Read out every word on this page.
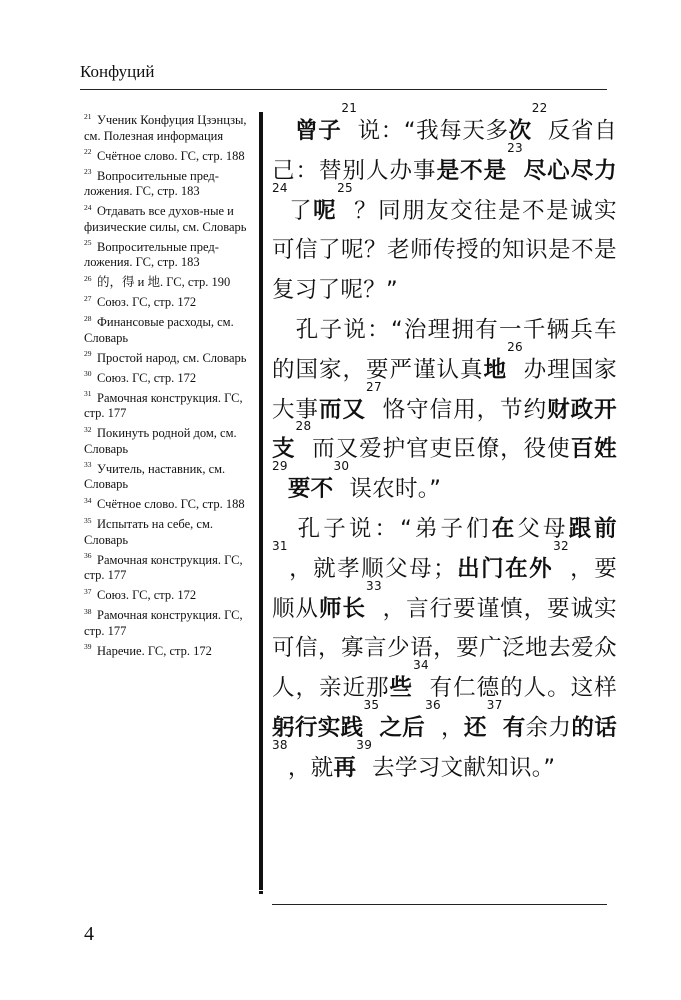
Конфуций
21 Ученик Конфуция Цзэнцзы, см. Полезная информация
22 Счётное слово. ГС, стр. 188
23 Вопросительные пред-ложения. ГС, стр. 183
24 Отдавать все духов-ные и физические силы, см. Словарь
25 Вопросительные пред-ложения. ГС, стр. 183
26 的，得 и 地. ГС, стр. 190
27 Союз. ГС, стр. 172
28 Финансовые расходы, см. Словарь
29 Простой народ, см. Словарь
30 Союз. ГС, стр. 172
31 Рамочная конструкция. ГС, стр. 177
32 Покинуть родной дом, см. Словарь
33 Учитель, наставник, см. Словарь
34 Счётное слово. ГС, стр. 188
35 Испытать на себе, см. Словарь
36 Рамочная конструкция. ГС, стр. 177
37 Союз. ГС, стр. 172
38 Рамочная конструкция. ГС, стр. 177
39 Наречие. ГС, стр. 172

　曾子$^{21}$说：“我每天多次$^{22}$反省自己：替别人办事是不是$^{23}$尽心尽力$^{24}$了呢$^{25}$？同朋友交往是不是诚实可信了呢？老师传授的知识是不是复习了呢？”

　孔子说：“治理拥有一千辆兵车的国家，要严谨认真地$^{26}$办理国家大事而又$^{27}$恪守信用，节约财政开支$^{28}$而又爱护官吏臣僚，役使百姓$^{29}$要不$^{30}$误农时。”

　孔子说：“弟子们在父母跟前$^{31}$，就孝顺父母；出门在外$^{32}$，要顺从师长$^{33}$，言行要谨慎，要诚实可信，寡言少语，要广泛地去爱众人，亲近那些$^{34}$有仁德的人。这样躬行实践$^{35}$之后$^{36}$，还$^{37}$有余力的话$^{38}$，就再$^{39}$去学习文献知识。”

4
